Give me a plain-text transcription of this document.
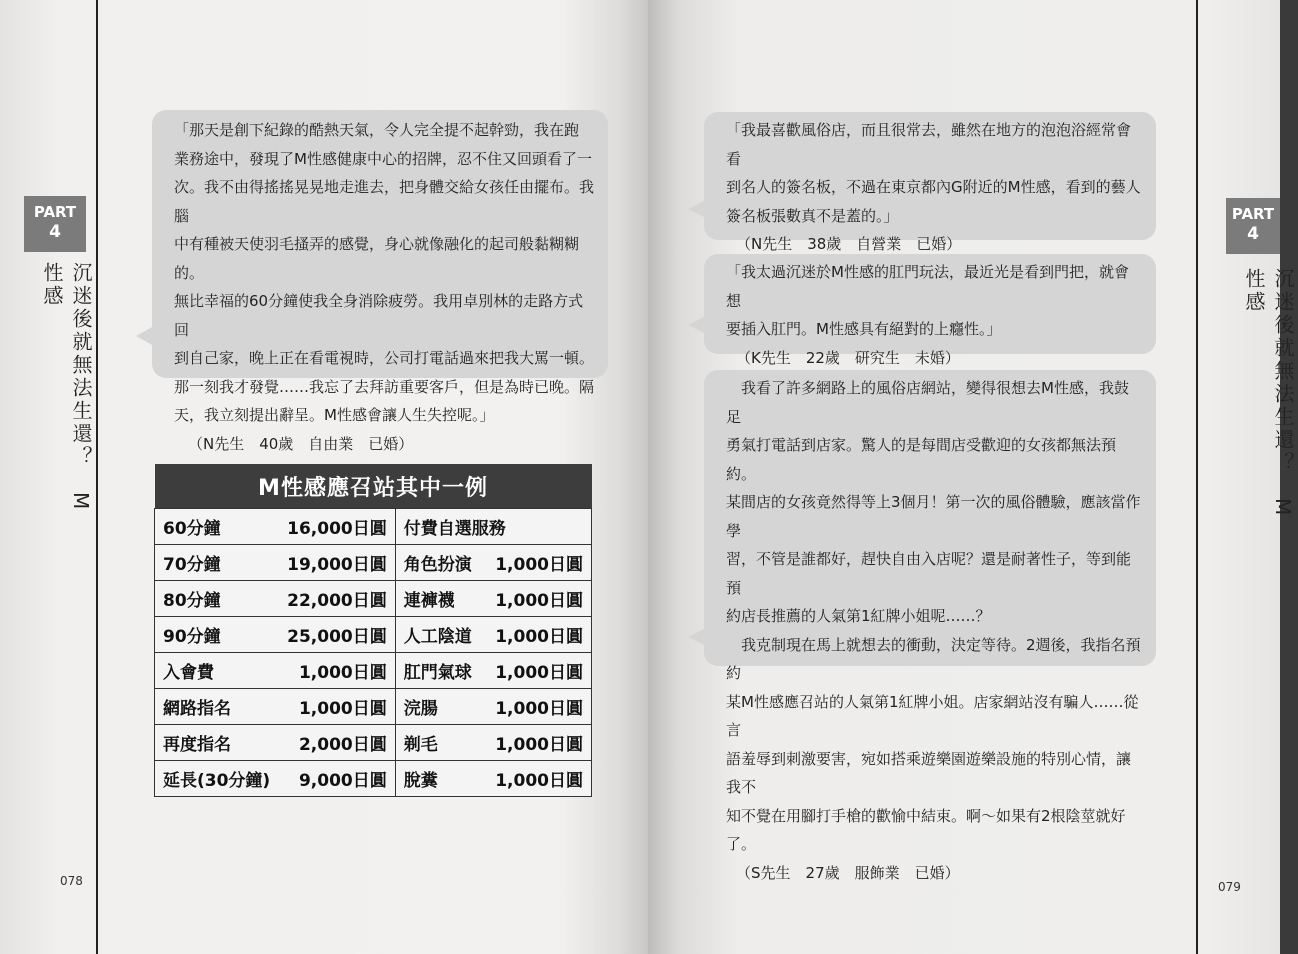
PART
4
沉迷後就無法生還？　M性感
「那天是創下紀錄的酷熱天氣，令人完全提不起幹勁，我在跑
業務途中，發現了M性感健康中心的招牌，忍不住又回頭看了一
次。我不由得搖搖晃晃地走進去，把身體交給女孩任由擺布。我腦
中有種被天使羽毛搔弄的感覺，身心就像融化的起司般黏糊糊的。
無比幸福的60分鐘使我全身消除疲勞。我用卓別林的走路方式回
到自己家，晚上正在看電視時，公司打電話過來把我大罵一頓。
那一刻我才發覺……我忘了去拜訪重要客戶，但是為時已晚。隔
天，我立刻提出辭呈。M性感會讓人生失控呢。」
（N先生　40歲　自由業　已婚）
M性感應召站其中一例	

60分鐘 16,000日圓	付費自選服務

70分鐘 19,000日圓	角色扮演 1,000日圓

80分鐘 22,000日圓	連褲襪 1,000日圓

90分鐘 25,000日圓	人工陰道 1,000日圓

入會費 1,000日圓	肛門氣球 1,000日圓

網路指名 1,000日圓	浣腸 1,000日圓

再度指名 2,000日圓	剃毛 1,000日圓

延長(30分鐘) 9,000日圓	脫糞 1,000日圓
078
PART
4
沉迷後就無法生還？　M性感
「我最喜歡風俗店，而且很常去，雖然在地方的泡泡浴經常會看
到名人的簽名板，不過在東京都內G附近的M性感，看到的藝人
簽名板張數真不是蓋的。」
（N先生　38歲　自營業　已婚）
「我太過沉迷於M性感的肛門玩法，最近光是看到門把，就會想
要插入肛門。M性感具有絕對的上癮性。」
（K先生　22歲　研究生　未婚）
　我看了許多網路上的風俗店網站，變得很想去M性感，我鼓足
勇氣打電話到店家。驚人的是每間店受歡迎的女孩都無法預約。
某間店的女孩竟然得等上3個月！第一次的風俗體驗，應該當作學
習，不管是誰都好，趕快自由入店呢？還是耐著性子，等到能預
約店長推薦的人氣第1紅牌小姐呢……？
　我克制現在馬上就想去的衝動，決定等待。2週後，我指名預約
某M性感應召站的人氣第1紅牌小姐。店家網站沒有騙人……從言
語羞辱到刺激要害，宛如搭乘遊樂園遊樂設施的特別心情，讓我不
知不覺在用腳打手槍的歡愉中結束。啊～如果有2根陰莖就好了。
（S先生　27歲　服飾業　已婚）
079
